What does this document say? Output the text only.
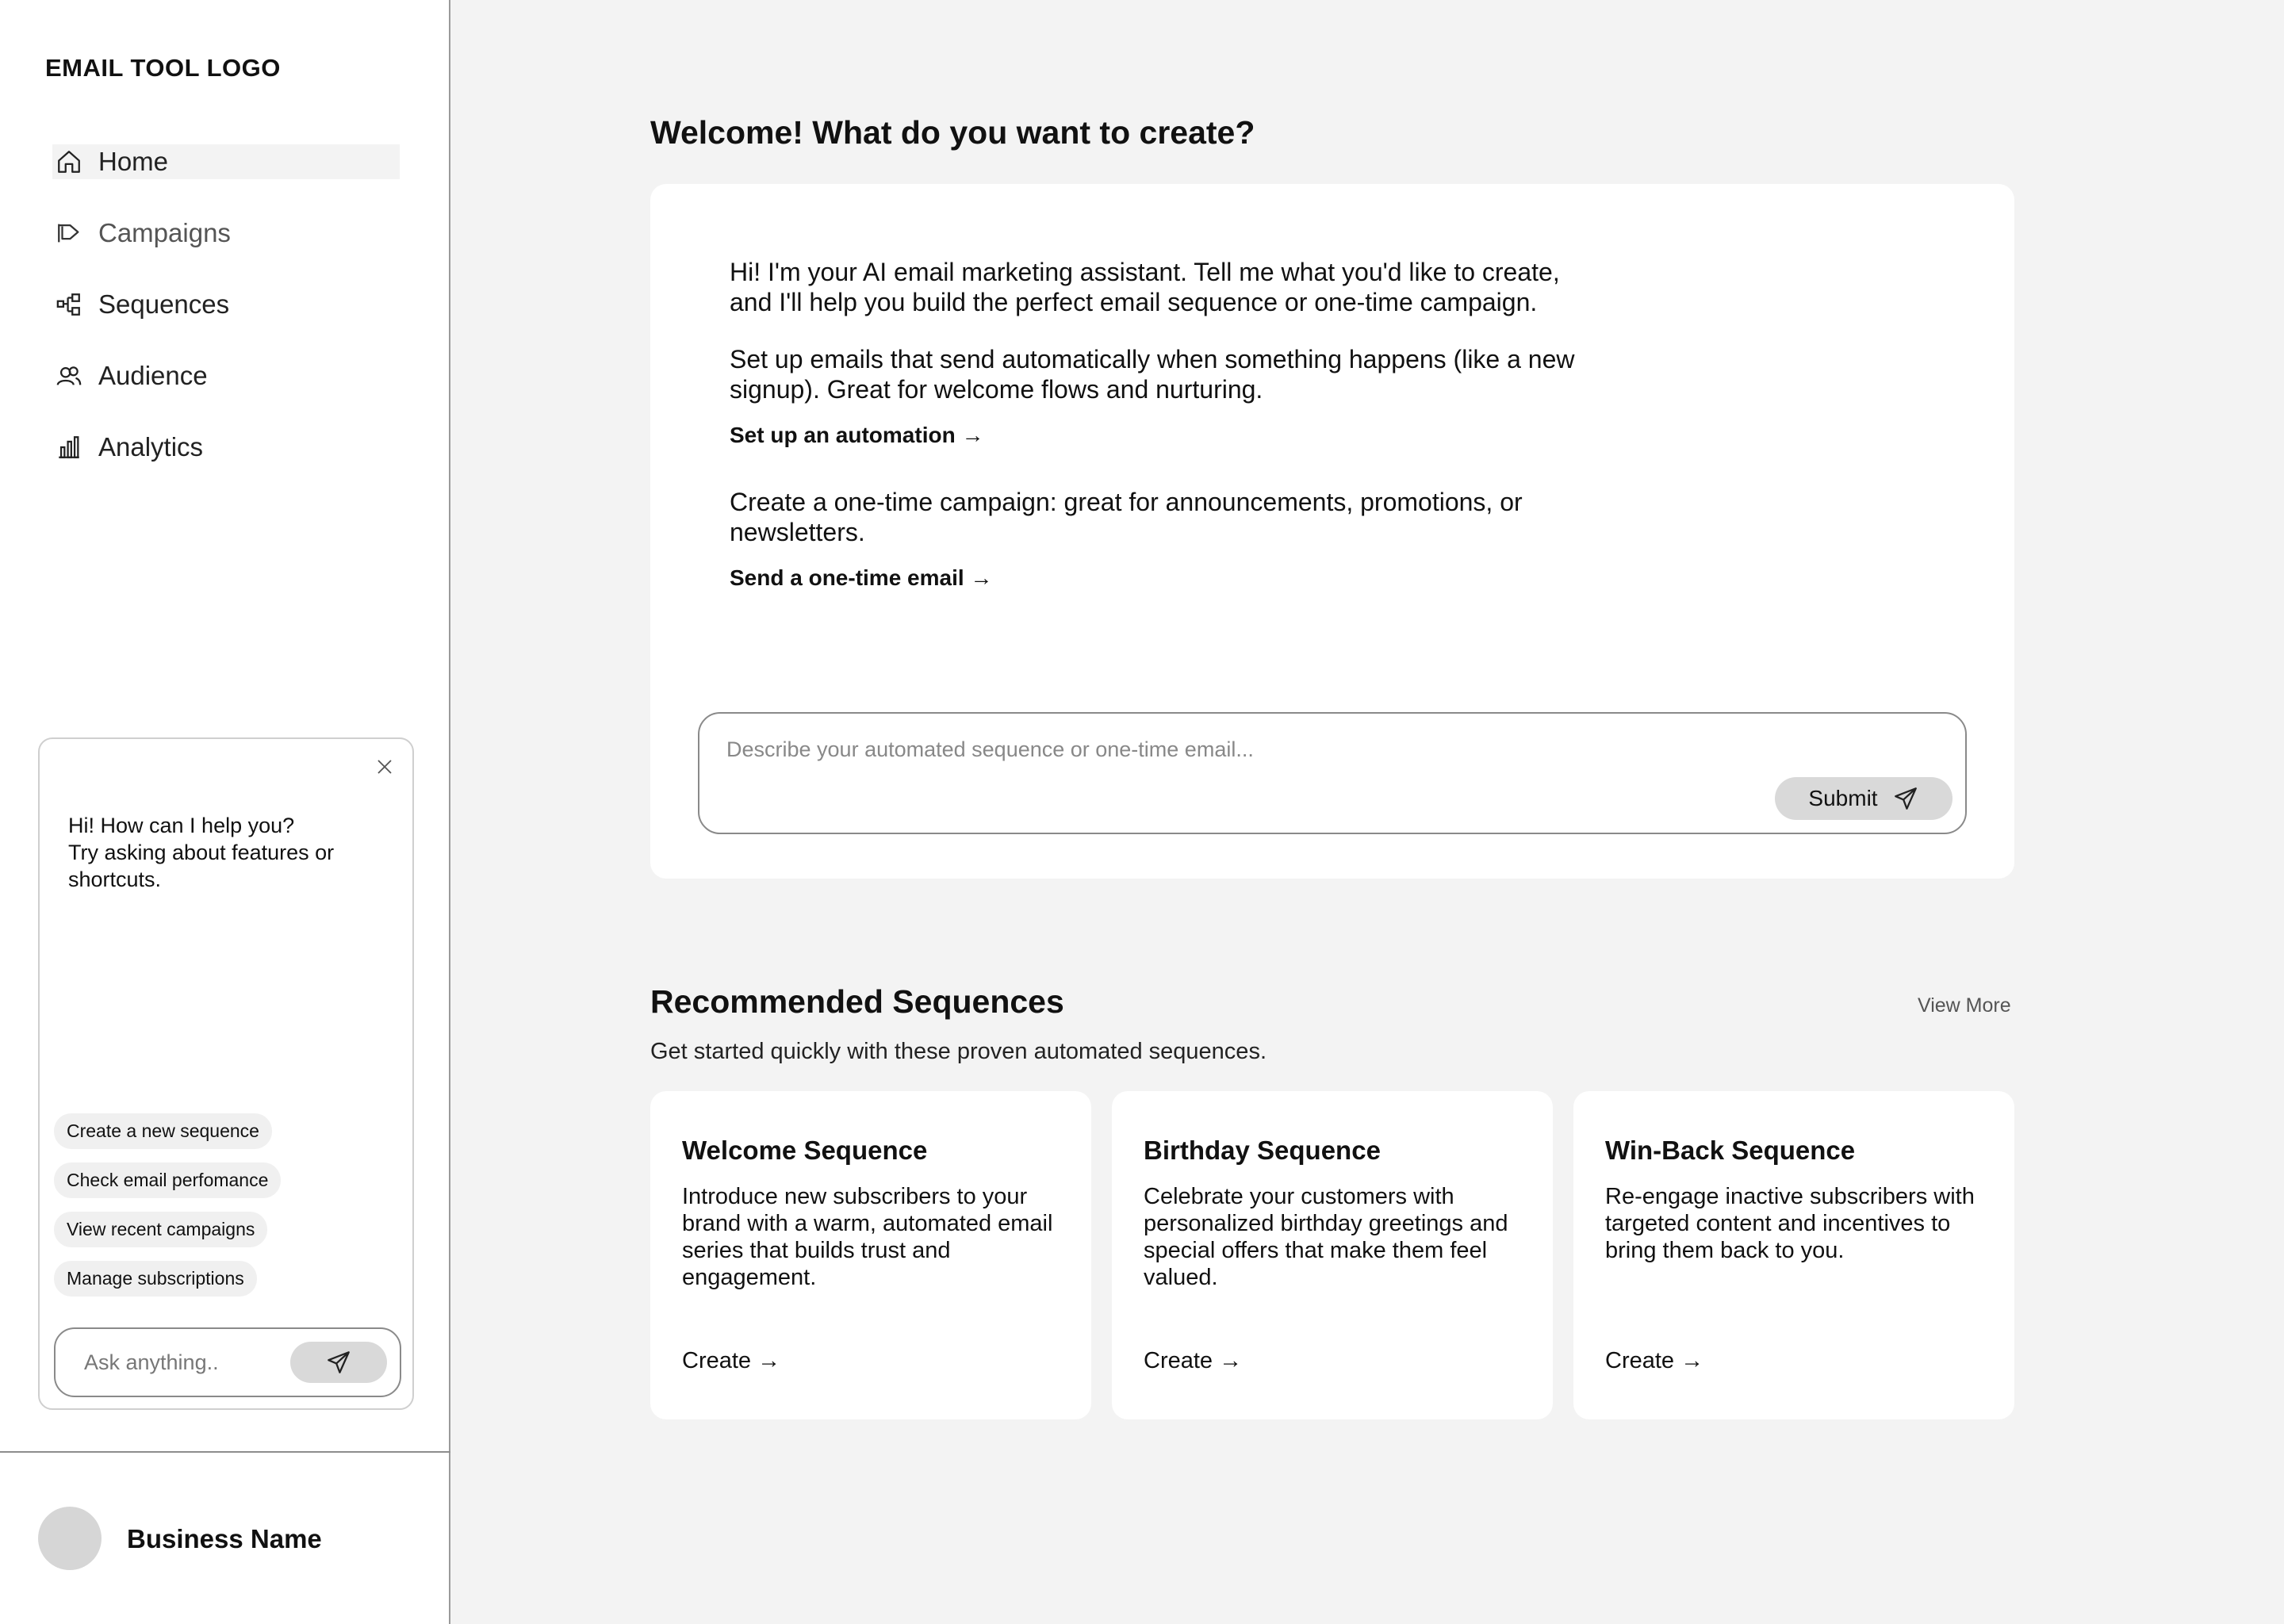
EMAIL TOOL LOGO
Home
Campaigns
Sequences
Audience
Analytics
Hi! How can I help you?
Try asking about features or shortcuts.
Create a new sequence
Check email perfomance
View recent campaigns
Manage subscriptions
Ask anything..
Business Name
Welcome! What do you want to create?

Hi! I'm your AI email marketing assistant. Tell me what you'd like to create, and I'll help you build the perfect email sequence or one-time campaign.

Set up emails that send automatically when something happens (like a new signup). Great for welcome flows and nurturing.

Set up an automation →

Create a one-time campaign: great for announcements, promotions, or newsletters.

Send a one-time email →
Describe your automated sequence or one-time email...
Submit
Recommended Sequences	View More

Get started quickly with these proven automated sequences.

Welcome Sequence
Introduce new subscribers to your brand with a warm, automated email series that builds trust and engagement.
Create →
Birthday Sequence
Celebrate your customers with personalized birthday greetings and special offers that make them feel valued.
Create →
Win-Back Sequence
Re-engage inactive subscribers with targeted content and incentives to bring them back to you.
Create →
